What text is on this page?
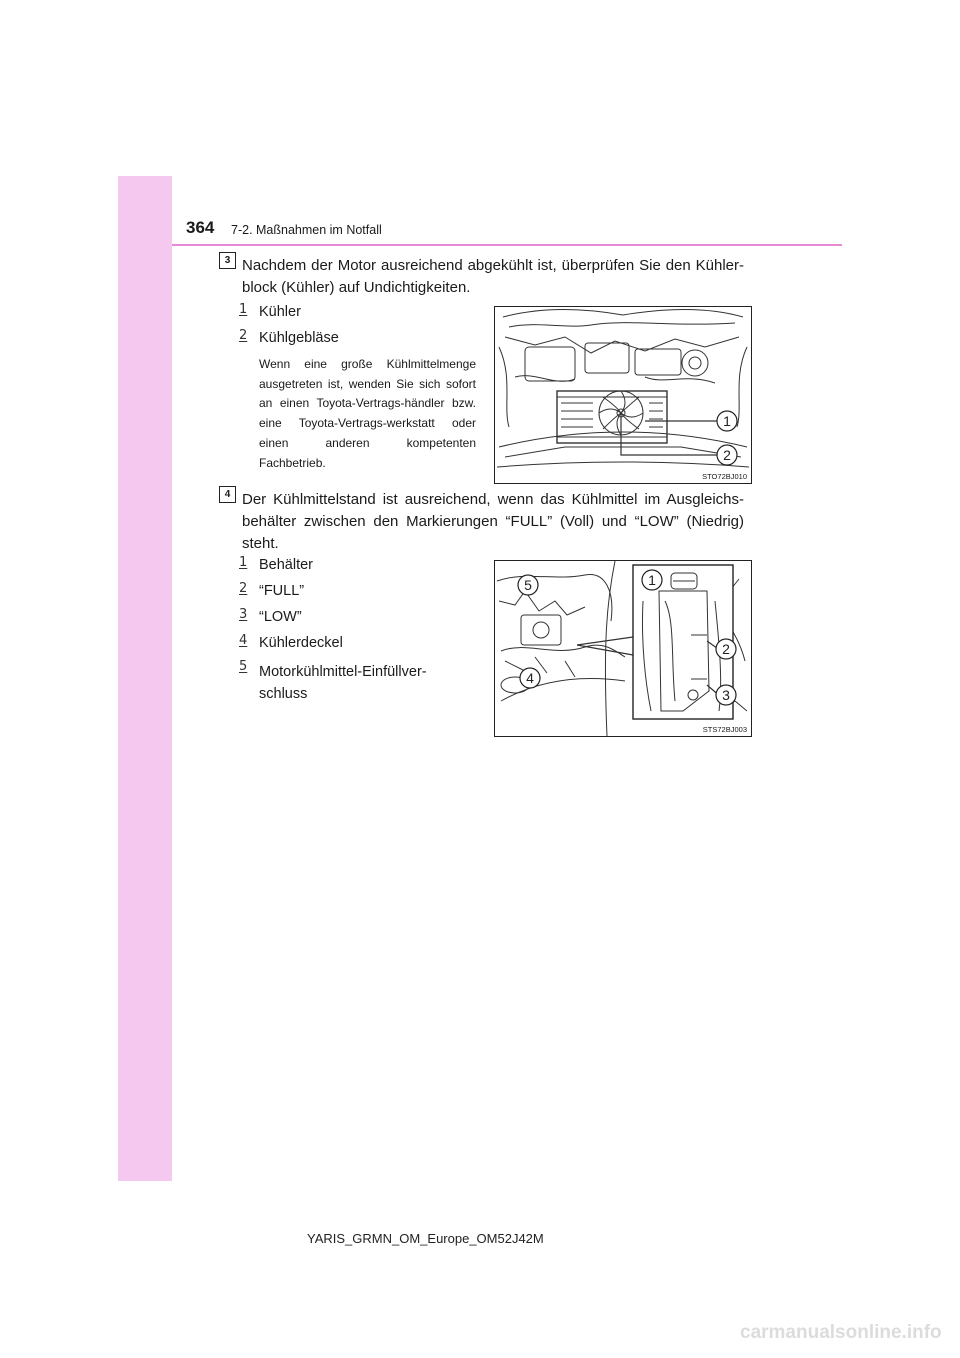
364 7-2. Maßnahmen im Notfall
3 Nachdem der Motor ausreichend abgekühlt ist, überprüfen Sie den Kühler-block (Kühler) auf Undichtigkeiten.
1 Kühler
2 Kühlgebläse
Wenn eine große Kühlmittelmenge ausgetreten ist, wenden Sie sich sofort an einen Toyota-Vertrags-händler bzw. eine Toyota-Vertrags-werkstatt oder einen anderen kompetenten Fachbetrieb.
1
2
STO72BJ010
4 Der Kühlmittelstand ist ausreichend, wenn das Kühlmittel im Ausgleichs-behälter zwischen den Markierungen “FULL” (Voll) und “LOW” (Niedrig) steht.
1 Behälter
2 “FULL”
3 “LOW”
4 Kühlerdeckel
5 Motorkühlmittel-Einfüllver-schluss
1
2
3
4
5
STS72BJ003
YARIS_GRMN_OM_Europe_OM52J42M
carmanualsonline.info
